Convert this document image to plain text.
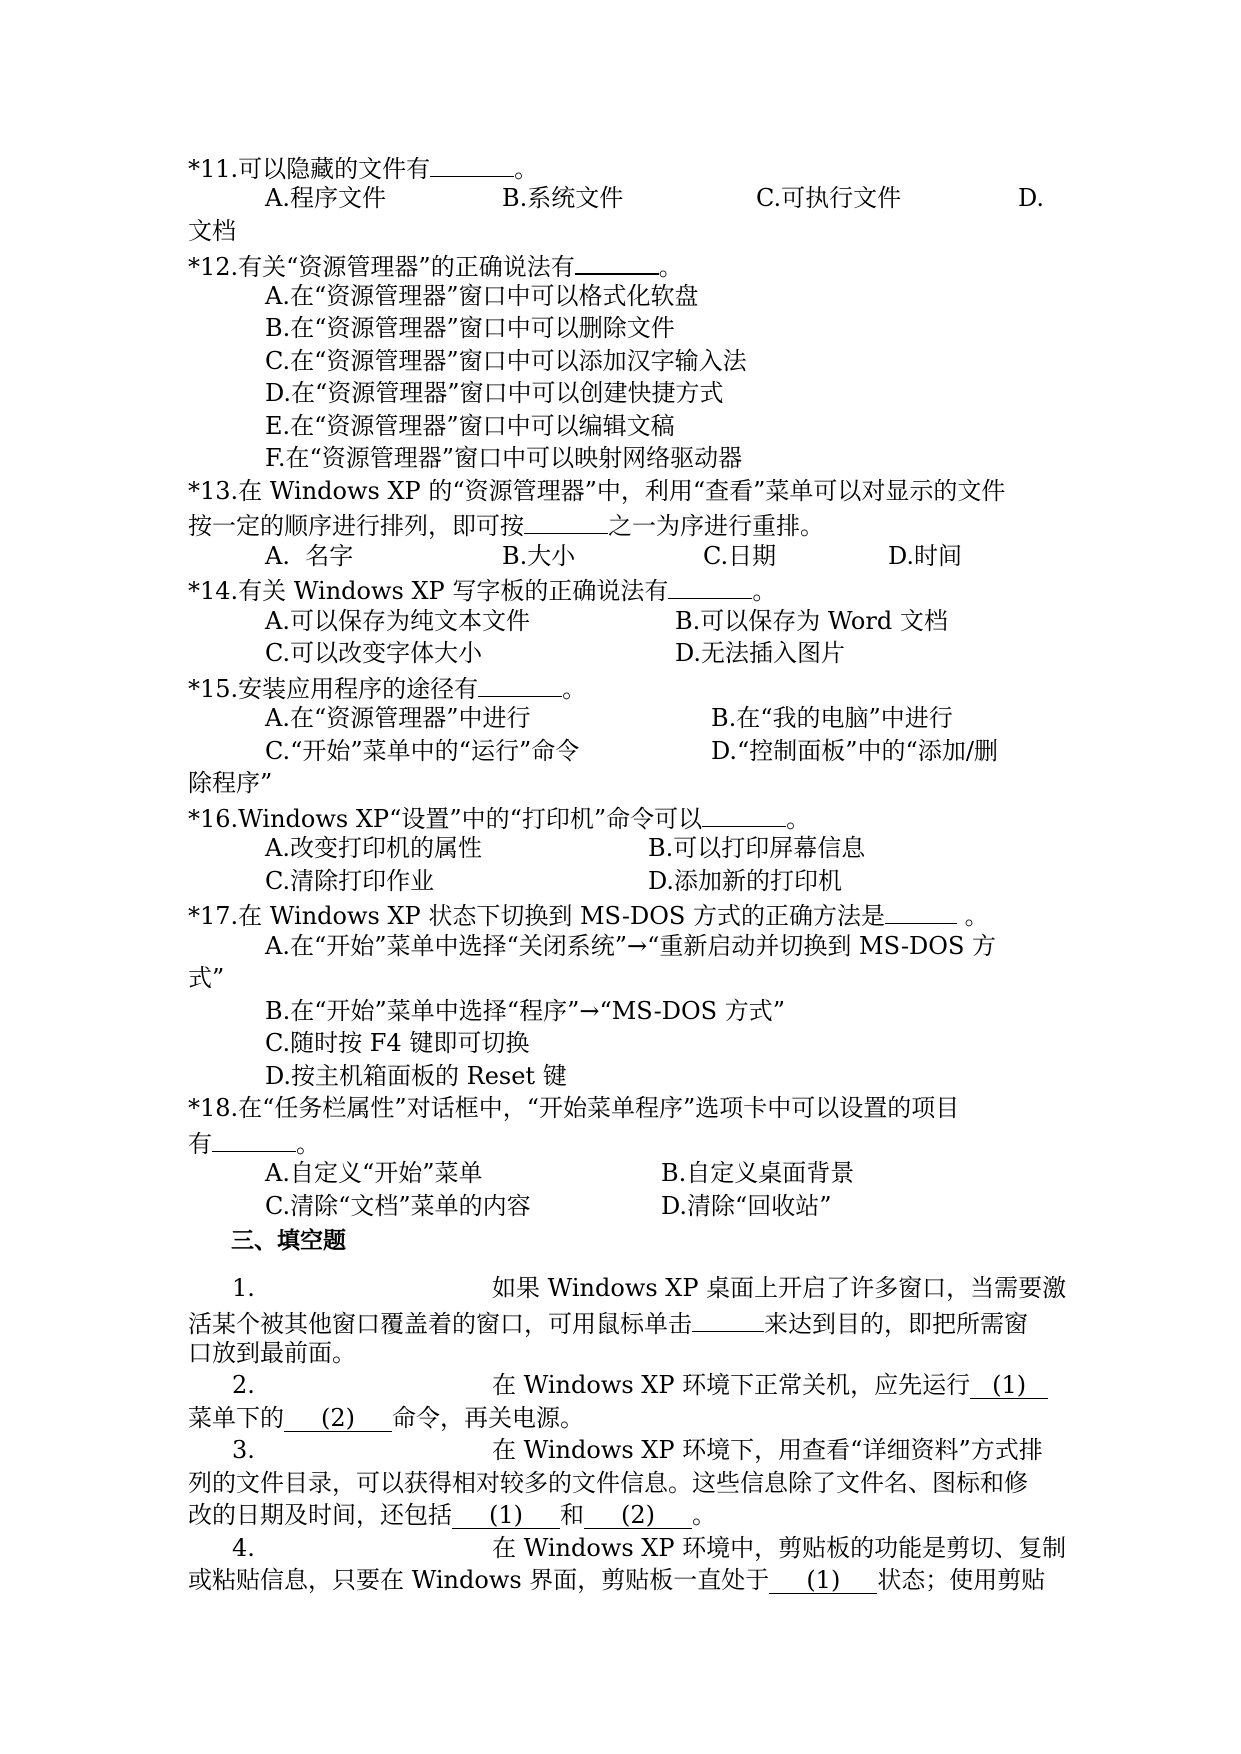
*11.可以隐藏的文件有	。
A.程序文件	B.系统文件	C.可执行文件	D.
文档
*12.有关“资源管理器”的正确说法有	。
A.在“资源管理器”窗口中可以格式化软盘
B.在“资源管理器”窗口中可以删除文件
C.在“资源管理器”窗口中可以添加汉字输入法
D.在“资源管理器”窗口中可以创建快捷方式
E.在“资源管理器”窗口中可以编辑文稿
F.在“资源管理器”窗口中可以映射网络驱动器
*13.在 Windows XP 的“资源管理器”中，利用“查看”菜单可以对显示的文件
按一定的顺序进行排列，即可按	之一为序进行重排。
A.  名字	B.大小	C.日期	D.时间
*14.有关 Windows XP 写字板的正确说法有	。
A.可以保存为纯文本文件	B.可以保存为 Word 文档
C.可以改变字体大小	D.无法插入图片
*15.安装应用程序的途径有	。
A.在“资源管理器”中进行	B.在“我的电脑”中进行
C.“开始”菜单中的“运行”命令	D.“控制面板”中的“添加/删
除程序”
*16.Windows XP“设置”中的“打印机”命令可以	。
A.改变打印机的属性	B.可以打印屏幕信息
C.清除打印作业	D.添加新的打印机
*17.在 Windows XP 状态下切换到 MS-DOS 方式的正确方法是	。
A.在“开始”菜单中选择“关闭系统”→“重新启动并切换到 MS-DOS 方
式”
B.在“开始”菜单中选择“程序”→“MS-DOS 方式”
C.随时按 F4 键即可切换
D.按主机箱面板的 Reset 键
*18.在“任务栏属性”对话框中，“开始菜单程序”选项卡中可以设置的项目
有	。
A.自定义“开始”菜单	B.自定义桌面背景
C.清除“文档”菜单的内容	D.清除“回收站”
三、填空题
1.	如果 Windows XP 桌面上开启了许多窗口，当需要激
活某个被其他窗口覆盖着的窗口，可用鼠标单击	来达到目的，即把所需窗
口放到最前面。
2.	在 Windows XP 环境下正常关机，应先运行 (1)
菜单下的 (2) 命令，再关电源。
3.	在 Windows XP 环境下，用查看“详细资料”方式排
列的文件目录，可以获得相对较多的文件信息。这些信息除了文件名、图标和修
改的日期及时间，还包括 (1) 和 (2) 。
4.	在 Windows XP 环境中，剪贴板的功能是剪切、复制
或粘贴信息，只要在 Windows 界面，剪贴板一直处于 (1) 状态；使用剪贴
